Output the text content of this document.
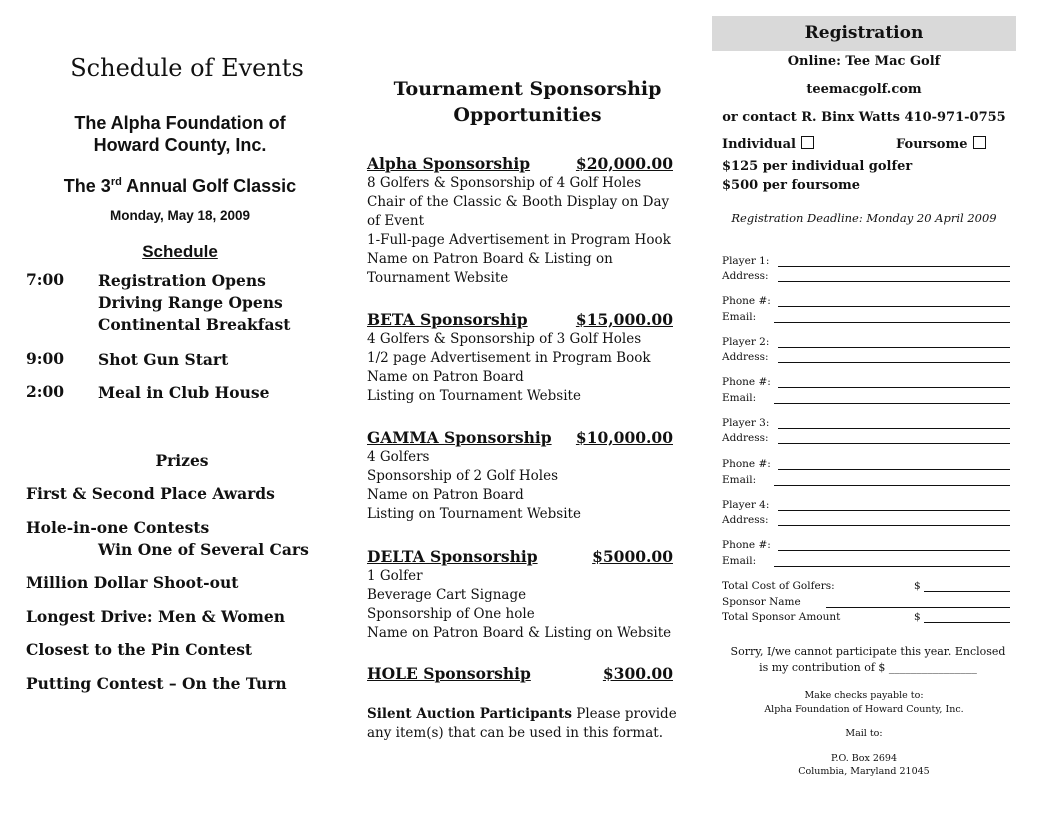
Schedule of Events
The Alpha Foundation of
Howard County, Inc.
The 3rd Annual Golf Classic
Monday, May 18, 2009
Schedule
7:00 Registration Opens
Driving Range Opens
Continental Breakfast
9:00 Shot Gun Start
2:00 Meal in Club House
Prizes
First & Second Place Awards
Hole-in-one Contests
Win One of Several Cars
Million Dollar Shoot-out
Longest Drive: Men & Women
Closest to the Pin Contest
Putting Contest – On the Turn
Tournament Sponsorship
Opportunities
Alpha Sponsorship	$20,000.00
8 Golfers & Sponsorship of 4 Golf Holes
Chair of the Classic & Booth Display on Day
of Event
1-Full-page Advertisement in Program Hook
Name on Patron Board & Listing on
Tournament Website
BETA Sponsorship	$15,000.00
4 Golfers & Sponsorship of 3 Golf Holes
1/2 page Advertisement in Program Book
Name on Patron Board
Listing on Tournament Website
GAMMA Sponsorship $10,000.00
4 Golfers
Sponsorship of 2 Golf Holes
Name on Patron Board
Listing on Tournament Website
DELTA Sponsorship	$5000.00
1 Golfer
Beverage Cart Signage
Sponsorship of One hole
Name on Patron Board & Listing on Website
HOLE Sponsorship	$300.00
Silent Auction Participants Please provide any item(s) that can be used in this format.
Registration
Online: Tee Mac Golf
teemacgolf.com
or contact R. Binx Watts 410-971-0755
Individual	Foursome
$125 per individual golfer
$500 per foursome
Registration Deadline: Monday 20 April 2009
Player 1:
Address:
Phone #:
Email:
Player 2:
Address:
Phone #:
Email:
Player 3:
Address:
Phone #:
Email:
Player 4:
Address:
Phone #:
Email:
Total Cost of Golfers:	$
Sponsor Name
Total Sponsor Amount	$
Sorry, I/we cannot participate this year. Enclosed
is my contribution of $ ________________
Make checks payable to:
Alpha Foundation of Howard County, Inc.
Mail to:
P.O. Box 2694
Columbia, Maryland 21045
